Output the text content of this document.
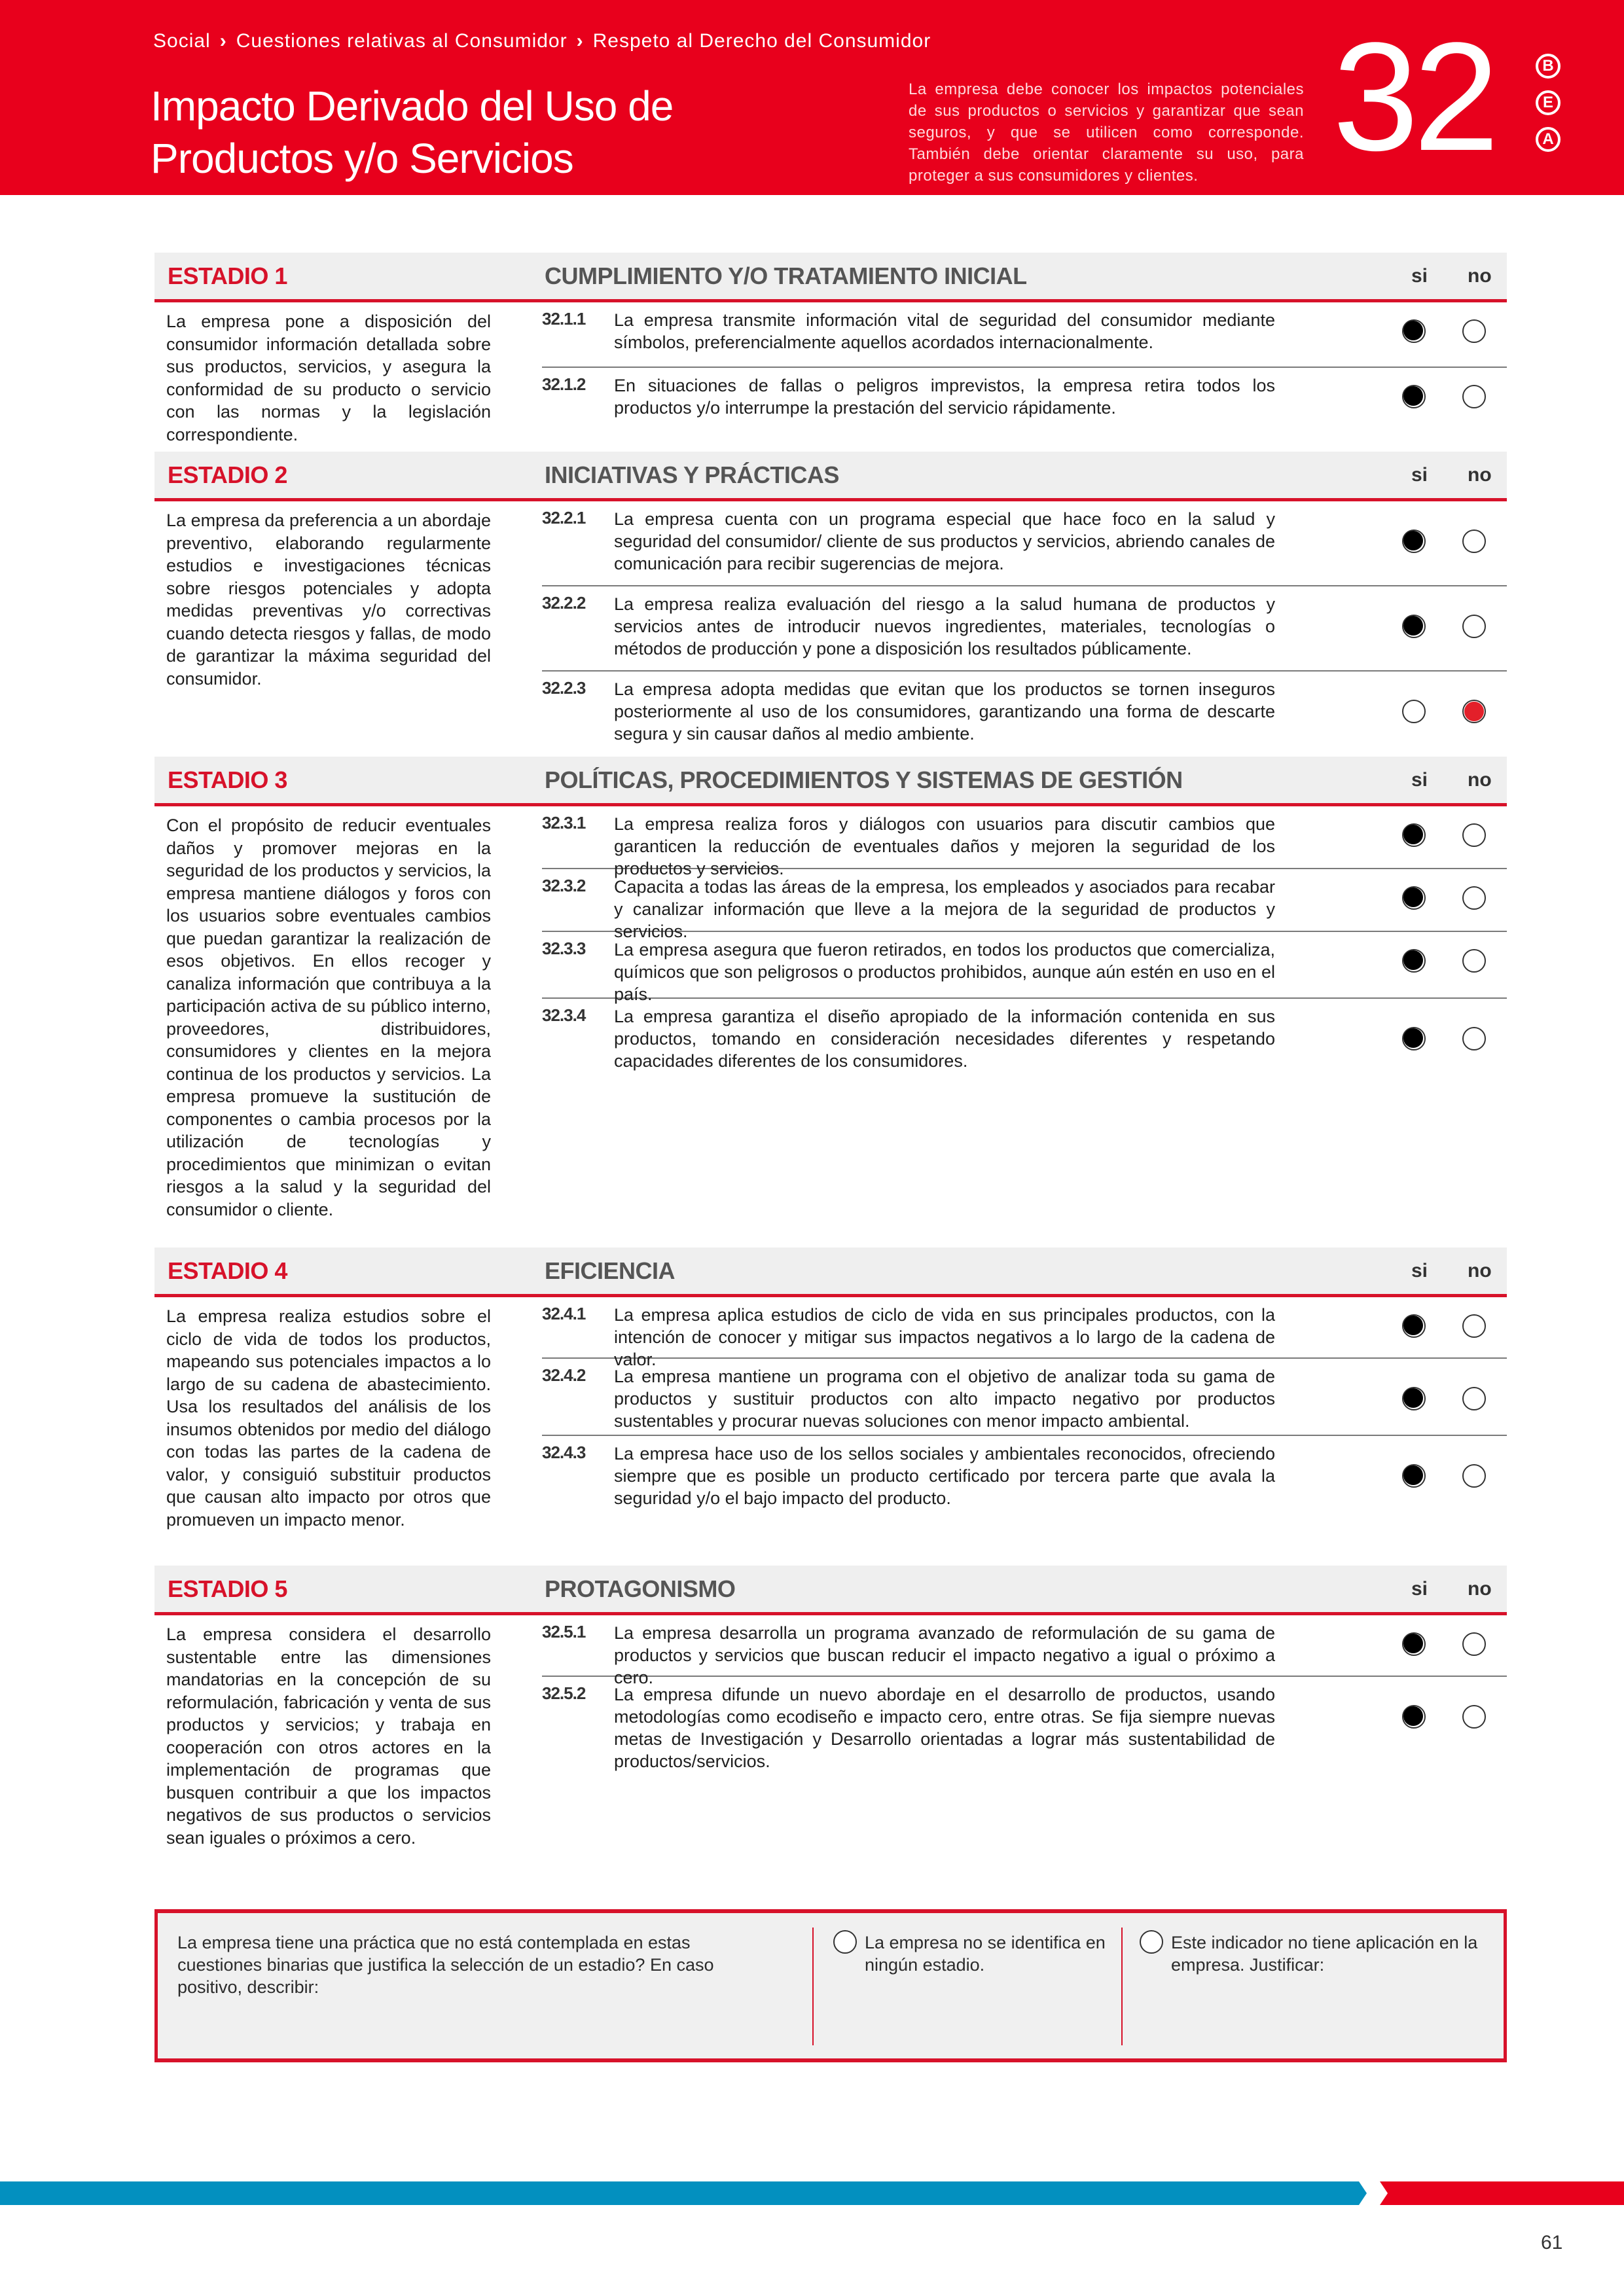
Social › Cuestiones relativas al Consumidor › Respeto al Derecho del Consumidor
Impacto Derivado del Uso de
Productos y/o Servicios

La empresa debe conocer los impactos potenciales de sus productos o servicios y garantizar que sean seguros, y que se utilicen como corresponde. También debe orientar claramente su uso, para proteger a sus consumidores y clientes. 32	B
E
A
ESTADIO 1	CUMPLIMIENTO Y/O TRATAMIENTO INICIAL	si no

La empresa pone a disposición del consumidor información detallada sobre sus productos, servicios, y asegura la conformidad de su producto o servicio con las normas y la legislación correspondiente.

32.1.1 La empresa transmite información vital de seguridad del consumidor mediante símbolos, preferencialmente aquellos acordados internacionalmente.
32.1.2 En situaciones de fallas o peligros imprevistos, la empresa retira todos los productos y/o interrumpe la prestación del servicio rápidamente.
ESTADIO 2	INICIATIVAS Y PRÁCTICAS	si no

La empresa da preferencia a un abordaje preventivo, elaborando regularmente estudios e investigaciones técnicas sobre riesgos potenciales y adopta medidas preventivas y/o correctivas cuando detecta riesgos y fallas, de modo de garantizar la máxima seguridad del consumidor.

32.2.1 La empresa cuenta con un programa especial que hace foco en la salud y seguridad del consumidor/ cliente de sus productos y servicios, abriendo canales de comunicación para recibir sugerencias de mejora.
32.2.2 La empresa realiza evaluación del riesgo a la salud humana de productos y servicios antes de introducir nuevos ingredientes, materiales, tecnologías o métodos de producción y pone a disposición los resultados públicamente.
32.2.3 La empresa adopta medidas que evitan que los productos se tornen inseguros posteriormente al uso de los consumidores, garantizando una forma de descarte segura y sin causar daños al medio ambiente.
ESTADIO 3	POLÍTICAS, PROCEDIMIENTOS Y SISTEMAS DE GESTIÓN	si no

Con el propósito de reducir eventuales daños y promover mejoras en la seguridad de los productos y servicios, la empresa mantiene diálogos y foros con los usuarios sobre eventuales cambios que puedan garantizar la realización de esos objetivos. En ellos recoger y canaliza información que contribuya a la participación activa de su público interno, proveedores, distribuidores, consumidores y clientes en la mejora continua de los productos y servicios. La empresa promueve la sustitución de componentes o cambia procesos por la utilización de tecnologías y procedimientos que minimizan o evitan riesgos a la salud y la seguridad del consumidor o cliente.

32.3.1 La empresa realiza foros y diálogos con usuarios para discutir cambios que garanticen la reducción de eventuales daños y mejoren la seguridad de los productos y servicios.
32.3.2 Capacita a todas las áreas de la empresa, los empleados y asociados para recabar y canalizar información que lleve a la mejora de la seguridad de productos y servicios.
32.3.3 La empresa asegura que fueron retirados, en todos los productos que comercializa, químicos que son peligrosos o productos prohibidos, aunque aún estén en uso en el país.
32.3.4 La empresa garantiza el diseño apropiado de la información contenida en sus productos, tomando en consideración necesidades diferentes y respetando capacidades diferentes de los consumidores.
ESTADIO 4	EFICIENCIA	si no

La empresa realiza estudios sobre el ciclo de vida de todos los productos, mapeando sus potenciales impactos a lo largo de su cadena de abastecimiento. Usa los resultados del análisis de los insumos obtenidos por medio del diálogo con todas las partes de la cadena de valor, y consiguió substituir productos que causan alto impacto por otros que promueven un impacto menor.

32.4.1 La empresa aplica estudios de ciclo de vida en sus principales productos, con la intención de conocer y mitigar sus impactos negativos a lo largo de la cadena de valor.
32.4.2 La empresa mantiene un programa con el objetivo de analizar toda su gama de productos y sustituir productos con alto impacto negativo por productos sustentables y procurar nuevas soluciones con menor impacto ambiental.
32.4.3 La empresa hace uso de los sellos sociales y ambientales reconocidos, ofreciendo siempre que es posible un producto certificado por tercera parte que avala la seguridad y/o el bajo impacto del producto.
ESTADIO 5	PROTAGONISMO	si no

La empresa considera el desarrollo sustentable entre las dimensiones mandatorias en la concepción de su reformulación, fabricación y venta de sus productos y servicios; y trabaja en cooperación con otros actores en la implementación de programas que busquen contribuir a que los impactos negativos de sus productos o servicios sean iguales o próximos a cero.

32.5.1 La empresa desarrolla un programa avanzado de reformulación de su gama de productos y servicios que buscan reducir el impacto negativo a igual o próximo a cero.
32.5.2 La empresa difunde un nuevo abordaje en el desarrollo de productos, usando metodologías como ecodiseño e impacto cero, entre otras. Se fija siempre nuevas metas de Investigación y Desarrollo orientadas a lograr más sustentabilidad de productos/servicios.
La empresa tiene una práctica que no está contemplada en estas cuestiones binarias que justifica la selección de un estadio? En caso positivo, describir:
La empresa no se identifica en ningún estadio.
Este indicador no tiene aplicación en la empresa. Justificar:
61
